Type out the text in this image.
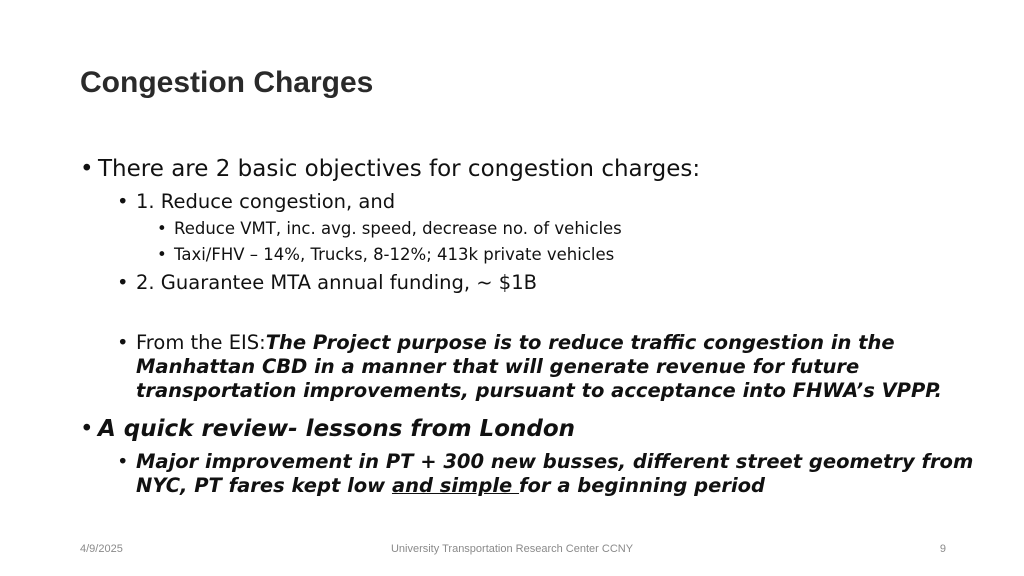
Congestion Charges
• There are 2 basic objectives for congestion charges:
• 1. Reduce congestion, and
• Reduce VMT, inc. avg. speed, decrease no. of vehicles
• Taxi/FHV – 14%, Trucks, 8-12%; 413k private vehicles
• 2. Guarantee MTA annual funding, ~ $1B
• From the EIS:The Project purpose is to reduce traffic congestion in the
Manhattan CBD in a manner that will generate revenue for future
transportation improvements, pursuant to acceptance into FHWA’s VPPP.
• A quick review- lessons from London
• Major improvement in PT + 300 new busses, different street geometry from
NYC, PT fares kept low and simple for a beginning period
4/9/2025	University Transportation Research Center CCNY	9
